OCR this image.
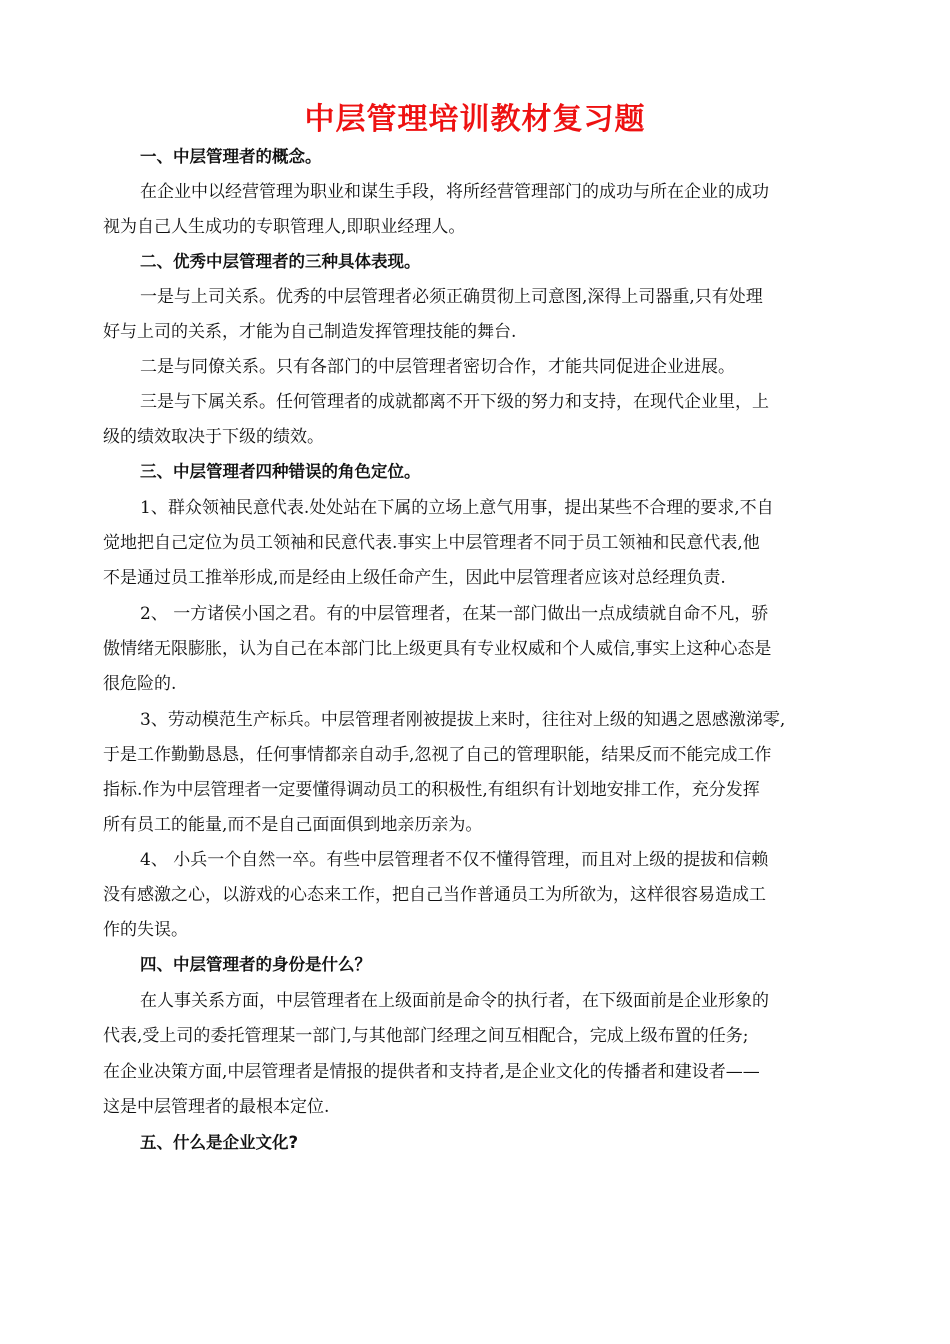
中层管理培训教材复习题
一、中层管理者的概念。
在企业中以经营管理为职业和谋生手段，将所经营管理部门的成功与所在企业的成功
视为自己人生成功的专职管理人,即职业经理人。
二、优秀中层管理者的三种具体表现。
一是与上司关系。优秀的中层管理者必须正确贯彻上司意图,深得上司器重,只有处理
好与上司的关系，才能为自己制造发挥管理技能的舞台.
二是与同僚关系。只有各部门的中层管理者密切合作，才能共同促进企业进展。
三是与下属关系。任何管理者的成就都离不开下级的努力和支持，在现代企业里，上
级的绩效取决于下级的绩效。
三、中层管理者四种错误的角色定位。
1、群众领袖民意代表.处处站在下属的立场上意气用事，提出某些不合理的要求,不自
觉地把自己定位为员工领袖和民意代表.事实上中层管理者不同于员工领袖和民意代表,他
不是通过员工推举形成,而是经由上级任命产生，因此中层管理者应该对总经理负责.
2、 一方诸侯小国之君。有的中层管理者，在某一部门做出一点成绩就自命不凡，骄
傲情绪无限膨胀，认为自己在本部门比上级更具有专业权威和个人威信,事实上这种心态是
很危险的.
3、劳动模范生产标兵。中层管理者刚被提拔上来时，往往对上级的知遇之恩感激涕零,
于是工作勤勤恳恳，任何事情都亲自动手,忽视了自己的管理职能，结果反而不能完成工作
指标.作为中层管理者一定要懂得调动员工的积极性,有组织有计划地安排工作，充分发挥
所有员工的能量,而不是自己面面俱到地亲历亲为。
4、 小兵一个自然一卒。有些中层管理者不仅不懂得管理，而且对上级的提拔和信赖
没有感激之心，以游戏的心态来工作，把自己当作普通员工为所欲为，这样很容易造成工
作的失误。
四、中层管理者的身份是什么？
在人事关系方面，中层管理者在上级面前是命令的执行者，在下级面前是企业形象的
代表,受上司的委托管理某一部门,与其他部门经理之间互相配合，完成上级布置的任务;
在企业决策方面,中层管理者是情报的提供者和支持者,是企业文化的传播者和建设者——
这是中层管理者的最根本定位.
五、什么是企业文化?
